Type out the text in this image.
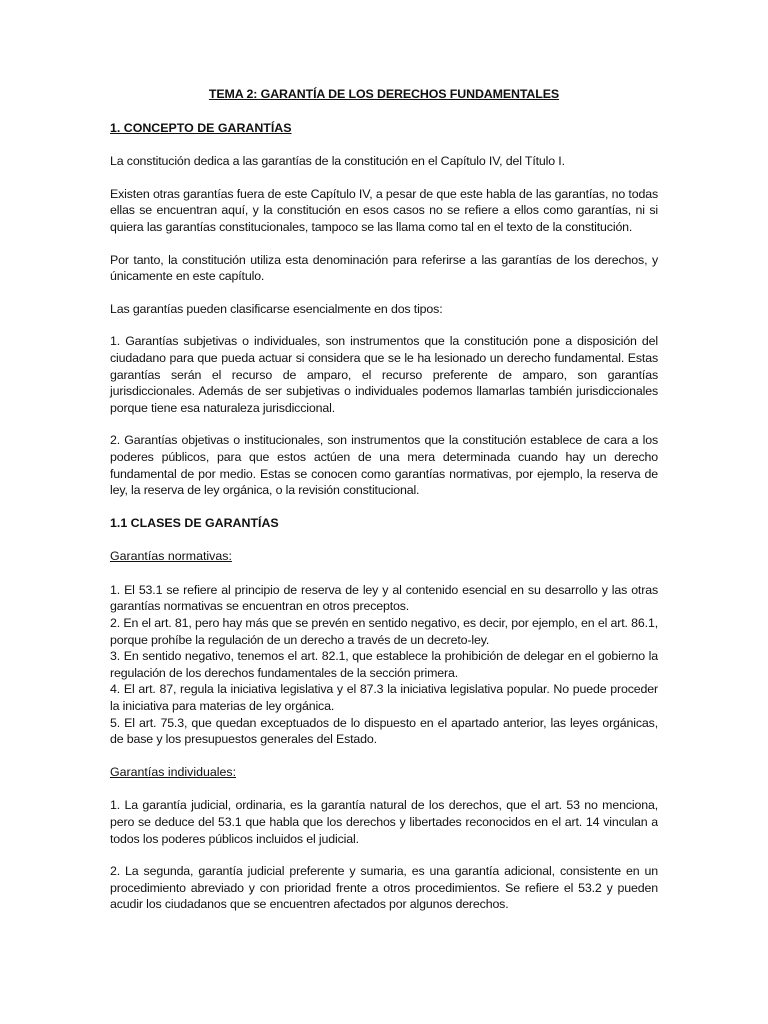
TEMA 2: GARANTÍA DE LOS DERECHOS FUNDAMENTALES
1. CONCEPTO DE GARANTÍAS

La constitución dedica a las garantías de la constitución en el Capítulo IV, del Título I.

Existen otras garantías fuera de este Capítulo IV, a pesar de que este habla de las garantías, no todas ellas se encuentran aquí, y la constitución en esos casos no se refiere a ellos como garantías, ni si quiera las garantías constitucionales, tampoco se las llama como tal en el texto de la constitución.

Por tanto, la constitución utiliza esta denominación para referirse a las garantías de los derechos, y únicamente en este capítulo.

Las garantías pueden clasificarse esencialmente en dos tipos:

1. Garantías subjetivas o individuales, son instrumentos que la constitución pone a disposición del ciudadano para que pueda actuar si considera que se le ha lesionado un derecho fundamental. Estas garantías serán el recurso de amparo, el recurso preferente de amparo, son garantías jurisdiccionales. Además de ser subjetivas o individuales podemos llamarlas también jurisdiccionales porque tiene esa naturaleza jurisdiccional.

2. Garantías objetivas o institucionales, son instrumentos que la constitución establece de cara a los poderes públicos, para que estos actúen de una mera determinada cuando hay un derecho fundamental de por medio. Estas se conocen como garantías normativas, por ejemplo, la reserva de ley, la reserva de ley orgánica, o la revisión constitucional.

1.1 CLASES DE GARANTÍAS
Garantías normativas:
1. El 53.1 se refiere al principio de reserva de ley y al contenido esencial en su desarrollo y las otras garantías normativas se encuentran en otros preceptos.
2. En el art. 81, pero hay más que se prevén en sentido negativo, es decir, por ejemplo, en el art. 86.1, porque prohíbe la regulación de un derecho a través de un decreto-ley.
3. En sentido negativo, tenemos el art. 82.1, que establece la prohibición de delegar en el gobierno la regulación de los derechos fundamentales de la sección primera.
4. El art. 87, regula la iniciativa legislativa y el 87.3 la iniciativa legislativa popular. No puede proceder la iniciativa para materias de ley orgánica.
5. El art. 75.3, que quedan exceptuados de lo dispuesto en el apartado anterior, las leyes orgánicas, de base y los presupuestos generales del Estado.
Garantías individuales:

1. La garantía judicial, ordinaria, es la garantía natural de los derechos, que el art. 53 no menciona, pero se deduce del 53.1 que habla que los derechos y libertades reconocidos en el art. 14 vinculan a todos los poderes públicos incluidos el judicial.

2. La segunda, garantía judicial preferente y sumaria, es una garantía adicional, consistente en un procedimiento abreviado y con prioridad frente a otros procedimientos. Se refiere el 53.2 y pueden acudir los ciudadanos que se encuentren afectados por algunos derechos.
